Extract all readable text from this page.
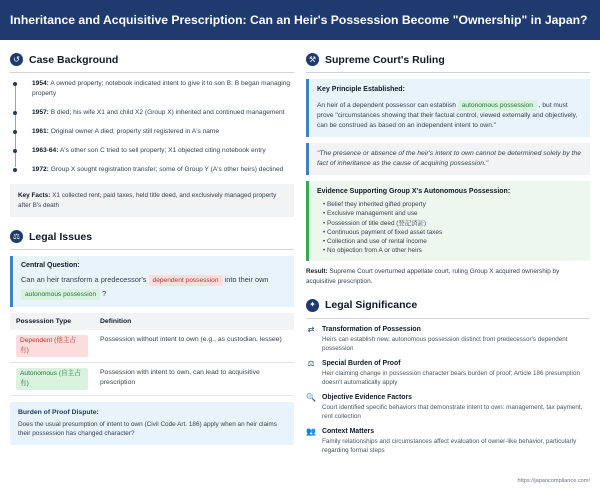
Inheritance and Acquisitive Prescription: Can an Heir's Possession Become "Ownership" in Japan?
↺ Case Background
1954: A owned property; notebook indicated intent to give it to son B; B began managing property
1957: B died; his wife X1 and child X2 (Group X) inherited and continued management
1961: Original owner A died; property still registered in A's name
1963-64: A's other son C tried to sell property; X1 objected citing notebook entry
1972: Group X sought registration transfer; some of Group Y (A's other heirs) declined
Key Facts: X1 collected rent, paid taxes, held title deed, and exclusively managed property after B's death
⚖ Legal Issues
Central Question:
Can an heir transform a predecessor's dependent possession into their own autonomous possession ?
Possession Type	Definition
Dependent (他主占有)	Possession without intent to own (e.g., as custodian, lessee)
Autonomous (自主占有)	Possession with intent to own, can lead to acquisitive prescription
Burden of Proof Dispute:
Does the usual presumption of intent to own (Civil Code Art. 186) apply when an heir claims their possession has changed character?
⚒ Supreme Court's Ruling
Key Principle Established:
An heir of a dependent possessor can establish autonomous possession , but must prove "circumstances showing that their factual control, viewed externally and objectively, can be construed as based on an independent intent to own."
"The presence or absence of the heir's intent to own cannot be determined solely by the fact of inheritance as the cause of acquiring possession."
Evidence Supporting Group X's Autonomous Possession:
• Belief they inherited gifted property
• Exclusive management and use
• Possession of title deed (登記済証)
• Continuous payment of fixed asset taxes
• Collection and use of rental income
• No objection from A or other heirs
Result: Supreme Court overturned appellate court, ruling Group X acquired ownership by acquisitive prescription.
✦ Legal Significance
⇄ Transformation of Possession
Heirs can establish new, autonomous possession distinct from predecessor's dependent possession
⚖ Special Burden of Proof
Heir claiming change in possession character bears burden of proof; Article 186 presumption doesn't automatically apply
🔍 Objective Evidence Factors
Court identified specific behaviors that demonstrate intent to own: management, tax payment, rent collection
👥 Context Matters
Family relationships and circumstances affect evaluation of owner-like behavior, particularly regarding formal steps
https://japancompliance.com/
